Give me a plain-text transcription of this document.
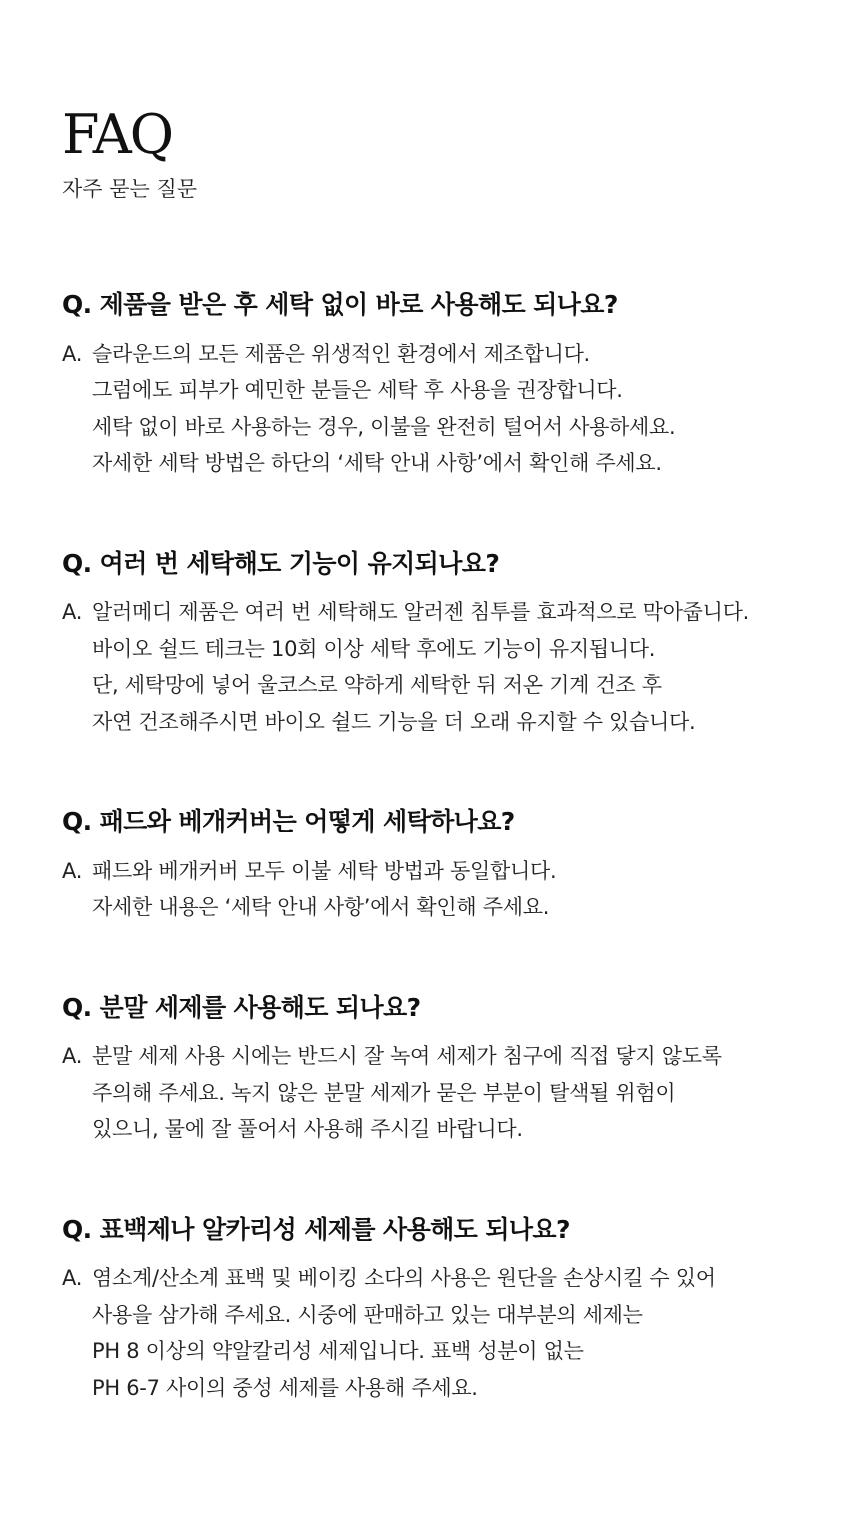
FAQ
자주 묻는 질문
Q. 제품을 받은 후 세탁 없이 바로 사용해도 되나요?
A. 슬라운드의 모든 제품은 위생적인 환경에서 제조합니다.
그럼에도 피부가 예민한 분들은 세탁 후 사용을 권장합니다.
세탁 없이 바로 사용하는 경우, 이불을 완전히 털어서 사용하세요.
자세한 세탁 방법은 하단의 ‘세탁 안내 사항’에서 확인해 주세요.
Q. 여러 번 세탁해도 기능이 유지되나요?
A. 알러메디 제품은 여러 번 세탁해도 알러젠 침투를 효과적으로 막아줍니다.
바이오 쉴드 테크는 10회 이상 세탁 후에도 기능이 유지됩니다.
단, 세탁망에 넣어 울코스로 약하게 세탁한 뒤 저온 기계 건조 후
자연 건조해주시면 바이오 쉴드 기능을 더 오래 유지할 수 있습니다.
Q. 패드와 베개커버는 어떻게 세탁하나요?
A. 패드와 베개커버 모두 이불 세탁 방법과 동일합니다.
자세한 내용은 ‘세탁 안내 사항’에서 확인해 주세요.
Q. 분말 세제를 사용해도 되나요?
A. 분말 세제 사용 시에는 반드시 잘 녹여 세제가 침구에 직접 닿지 않도록
주의해 주세요. 녹지 않은 분말 세제가 묻은 부분이 탈색될 위험이
있으니, 물에 잘 풀어서 사용해 주시길 바랍니다.
Q. 표백제나 알카리성 세제를 사용해도 되나요?
A. 염소계/산소계 표백 및 베이킹 소다의 사용은 원단을 손상시킬 수 있어
사용을 삼가해 주세요. 시중에 판매하고 있는 대부분의 세제는
PH 8 이상의 약알칼리성 세제입니다. 표백 성분이 없는
PH 6-7 사이의 중성 세제를 사용해 주세요.
